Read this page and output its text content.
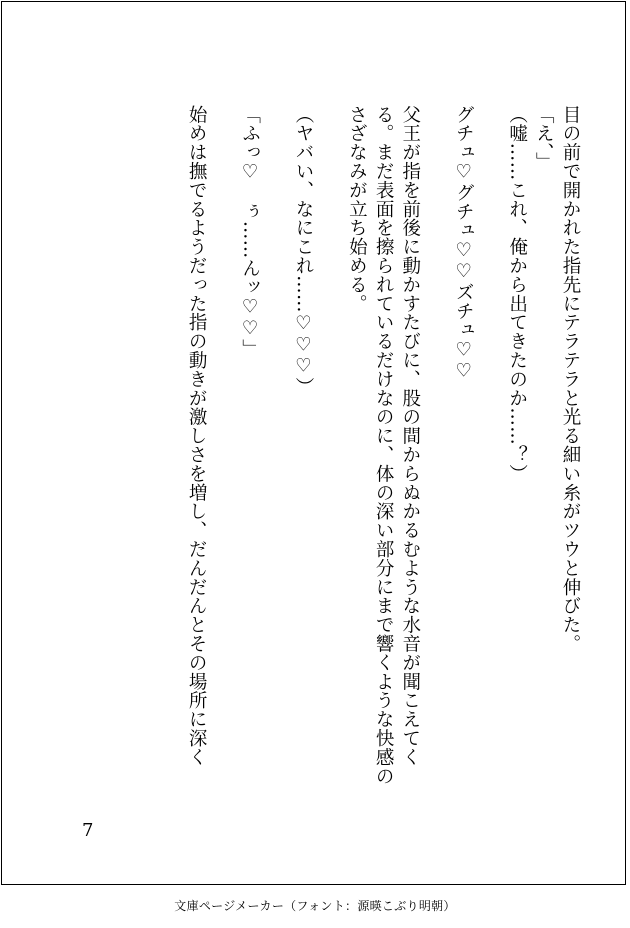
目の前で開かれた指先にテラテラと光る細い糸がツウと伸びた。
「え、」
（嘘……これ、俺から出てきたのか……？）
グチュ♡グチュ♡♡ズチュ♡♡
父王が指を前後に動かすたびに、股の間からぬかるむような水音が聞こえてく
る。まだ表面を擦られているだけなのに、体の深い部分にまで響くような快感の
さざなみが立ち始める。
（ヤバい、なにこれ……♡♡♡）
「ふっ♡　ぅ……んッ♡♡」
始めは撫でるようだった指の動きが激しさを増し、だんだんとその場所に深く
7
文庫ページメーカー（フォント：源暎こぶり明朝）
